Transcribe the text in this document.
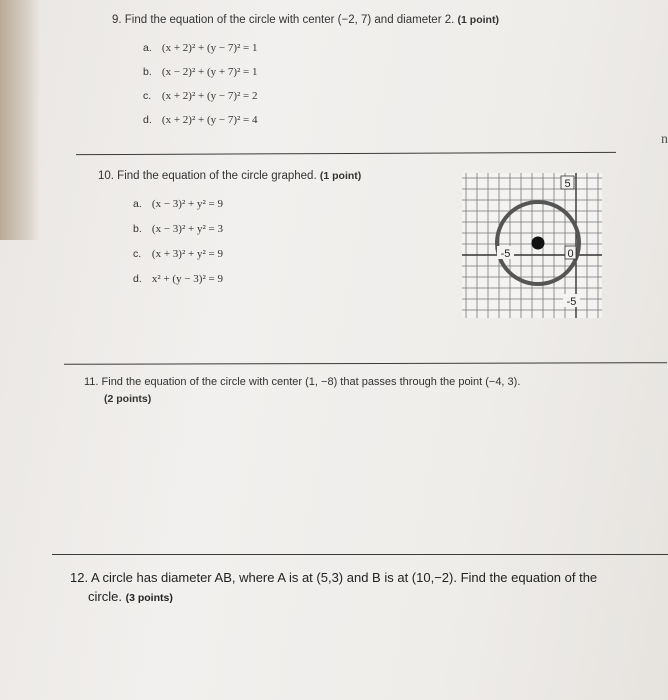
9. Find the equation of the circle with center (−2, 7) and diameter 2. (1 point)
a. (x + 2)² + (y − 7)² = 1
b. (x − 2)² + (y + 7)² = 1
c. (x + 2)² + (y − 7)² = 2
d. (x + 2)² + (y − 7)² = 4
n
10. Find the equation of the circle graphed. (1 point)
a. (x − 3)² + y² = 9
b. (x − 3)² + y² = 3
c. (x + 3)² + y² = 9
d. x² + (y − 3)² = 9
5
-5	0
-5
11. Find the equation of the circle with center (1, −8) that passes through the point (−4, 3).
(2 points)
12. A circle has diameter AB, where A is at (5,3) and B is at (10,−2). Find the equation of the
circle. (3 points)
